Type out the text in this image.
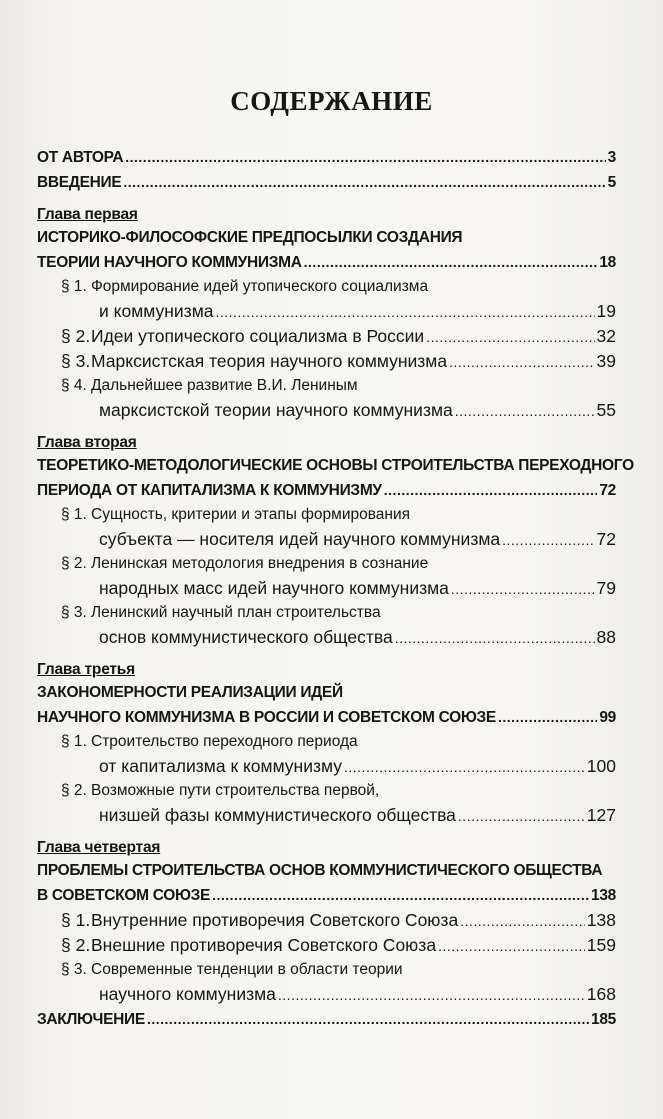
СОДЕРЖАНИЕ
ОТ АВТОРА .....	3
ВВЕДЕНИЕ .....	5
Глава первая
ИСТОРИКО-ФИЛОСОФСКИЕ ПРЕДПОСЫЛКИ СОЗДАНИЯ
ТЕОРИИ НАУЧНОГО КОММУНИЗМА .....	18
§ 1. Формирование идей утопического социализма
и коммунизма .....	19
§ 2.Идеи утопического социализма в России .....	32
§ 3.Марксистская теория научного коммунизма .....	39
§ 4. Дальнейшее развитие В.И. Лениным
марксистской теории научного коммунизма .....	55
Глава вторая
ТЕОРЕТИКО-МЕТОДОЛОГИЧЕСКИЕ ОСНОВЫ СТРОИТЕЛЬСТВА ПЕРЕХОДНОГО
ПЕРИОДА ОТ КАПИТАЛИЗМА К КОММУНИЗМУ .....	72
§ 1. Сущность, критерии и этапы формирования
субъекта — носителя идей научного коммунизма .....	72
§ 2. Ленинская методология внедрения в сознание
народных масс идей научного коммунизма .....	79
§ 3. Ленинский научный план строительства
основ коммунистического общества .....	88
Глава третья
ЗАКОНОМЕРНОСТИ РЕАЛИЗАЦИИ ИДЕЙ
НАУЧНОГО КОММУНИЗМА В РОССИИ И СОВЕТСКОМ СОЮЗЕ .....	99
§ 1. Строительство переходного периода
от капитализма к коммунизму .....	100
§ 2. Возможные пути строительства первой,
низшей фазы коммунистического общества .....	127
Глава четвертая
ПРОБЛЕМЫ СТРОИТЕЛЬСТВА ОСНОВ КОММУНИСТИЧЕСКОГО ОБЩЕСТВА
В СОВЕТСКОМ СОЮЗЕ .....	138
§ 1.Внутренние противоречия Советского Союза .....	138
§ 2.Внешние противоречия Советского Союза .....	159
§ 3. Современные тенденции в области теории
научного коммунизма .....	168
ЗАКЛЮЧЕНИЕ .....	185
